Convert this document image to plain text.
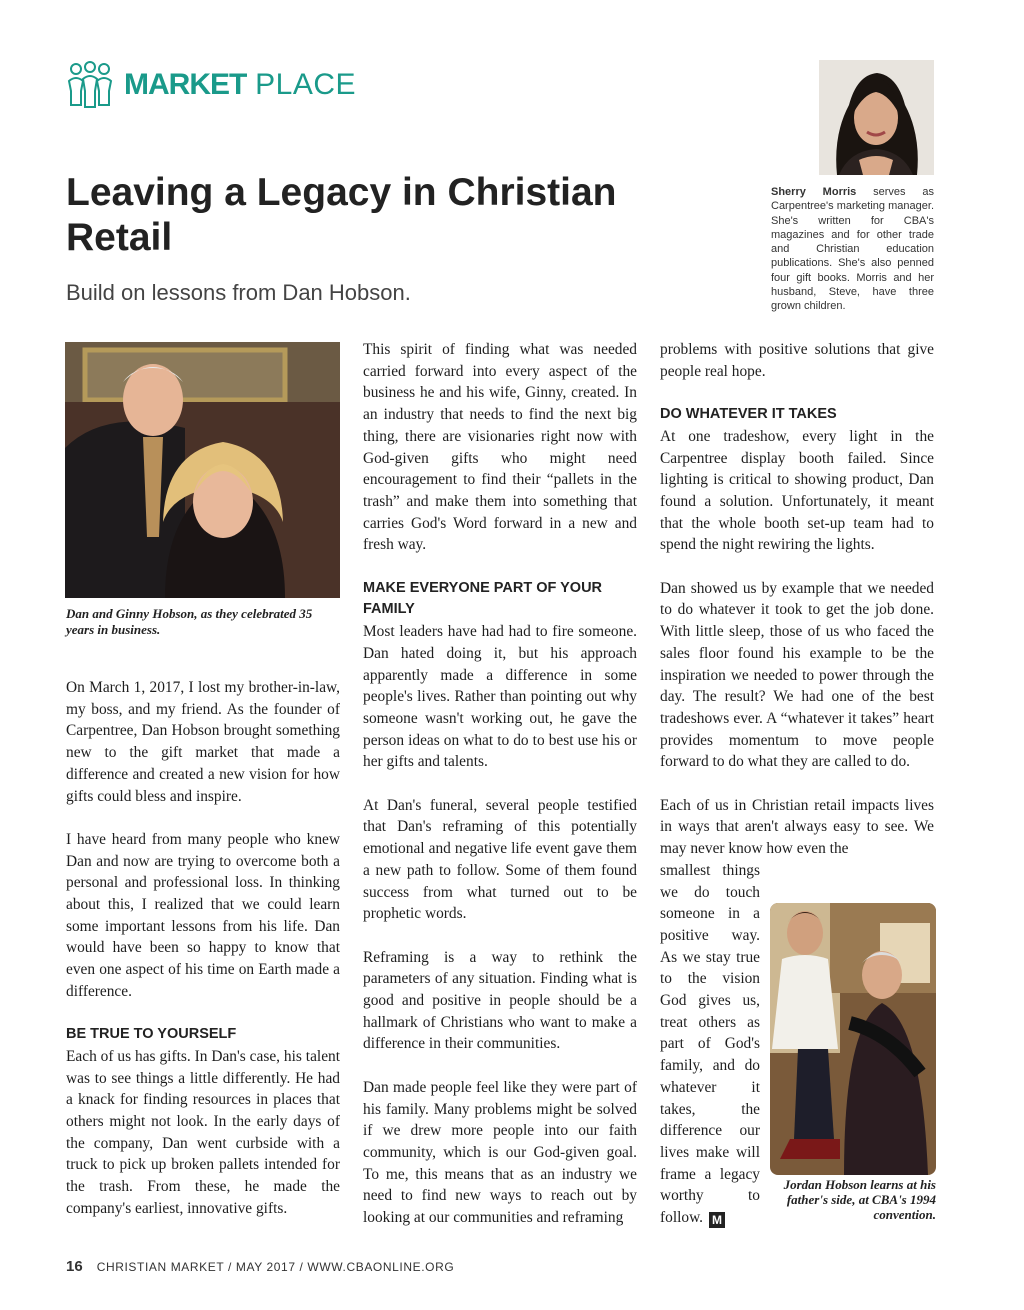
MARKET PLACE
Leaving a Legacy in Christian Retail
Build on lessons from Dan Hobson.
Sherry Morris serves as Carpentree's marketing manager. She's written for CBA's magazines and for other trade and Christian education publications. She's also penned four gift books. Morris and her husband, Steve, have three grown children.
Dan and Ginny Hobson, as they celebrated 35 years in business.

On March 1, 2017, I lost my brother-in-law, my boss, and my friend. As the founder of Carpentree, Dan Hobson brought something new to the gift market that made a difference and created a new vision for how gifts could bless and inspire.

I have heard from many people who knew Dan and now are trying to overcome both a personal and professional loss. In thinking about this, I realized that we could learn some important lessons from his life. Dan would have been so happy to know that even one aspect of his time on Earth made a difference.

BE TRUE TO YOURSELF

Each of us has gifts. In Dan's case, his talent was to see things a little differently. He had a knack for finding resources in places that others might not look. In the early days of the company, Dan went curbside with a truck to pick up broken pallets intended for the trash. From these, he made the company's earliest, innovative gifts.

This spirit of finding what was needed carried forward into every aspect of the business he and his wife, Ginny, created. In an industry that needs to find the next big thing, there are visionaries right now with God-given gifts who might need encouragement to find their “pallets in the trash” and make them into something that carries God's Word forward in a new and fresh way.

MAKE EVERYONE PART OF YOUR FAMILY

Most leaders have had had to fire someone. Dan hated doing it, but his approach apparently made a difference in some people's lives. Rather than pointing out why someone wasn't working out, he gave the person ideas on what to do to best use his or her gifts and talents.

At Dan's funeral, several people testified that Dan's reframing of this potentially emotional and negative life event gave them a new path to follow. Some of them found success from what turned out to be prophetic words.

Reframing is a way to rethink the parameters of any situation. Finding what is good and positive in people should be a hallmark of Christians who want to make a difference in their communities.

Dan made people feel like they were part of his family. Many problems might be solved if we drew more people into our faith community, which is our God-given goal. To me, this means that as an industry we need to find new ways to reach out by looking at our communities and reframing

problems with positive solutions that give people real hope.

DO WHATEVER IT TAKES

At one tradeshow, every light in the Carpentree display booth failed. Since lighting is critical to showing product, Dan found a solution. Unfortunately, it meant that the whole booth set-up team had to spend the night rewiring the lights.

Dan showed us by example that we needed to do whatever it took to get the job done. With little sleep, those of us who faced the sales floor found his example to be the inspiration we needed to power through the day. The result? We had one of the best tradeshows ever. A “whatever it takes” heart provides momentum to move people forward to do what they are called to do.

Each of us in Christian retail impacts lives in ways that aren't always easy to see. We may never know how even the
smallest things we do touch someone in a positive way. As we stay true to the vision God gives us, treat others as part of God's family, and do whatever it takes, the difference our lives make will frame a legacy worthy to follow. M
Jordan Hobson learns at his father's side, at CBA's 1994 convention.
16 CHRISTIAN MARKET / MAY 2017 / WWW.CBAONLINE.ORG
